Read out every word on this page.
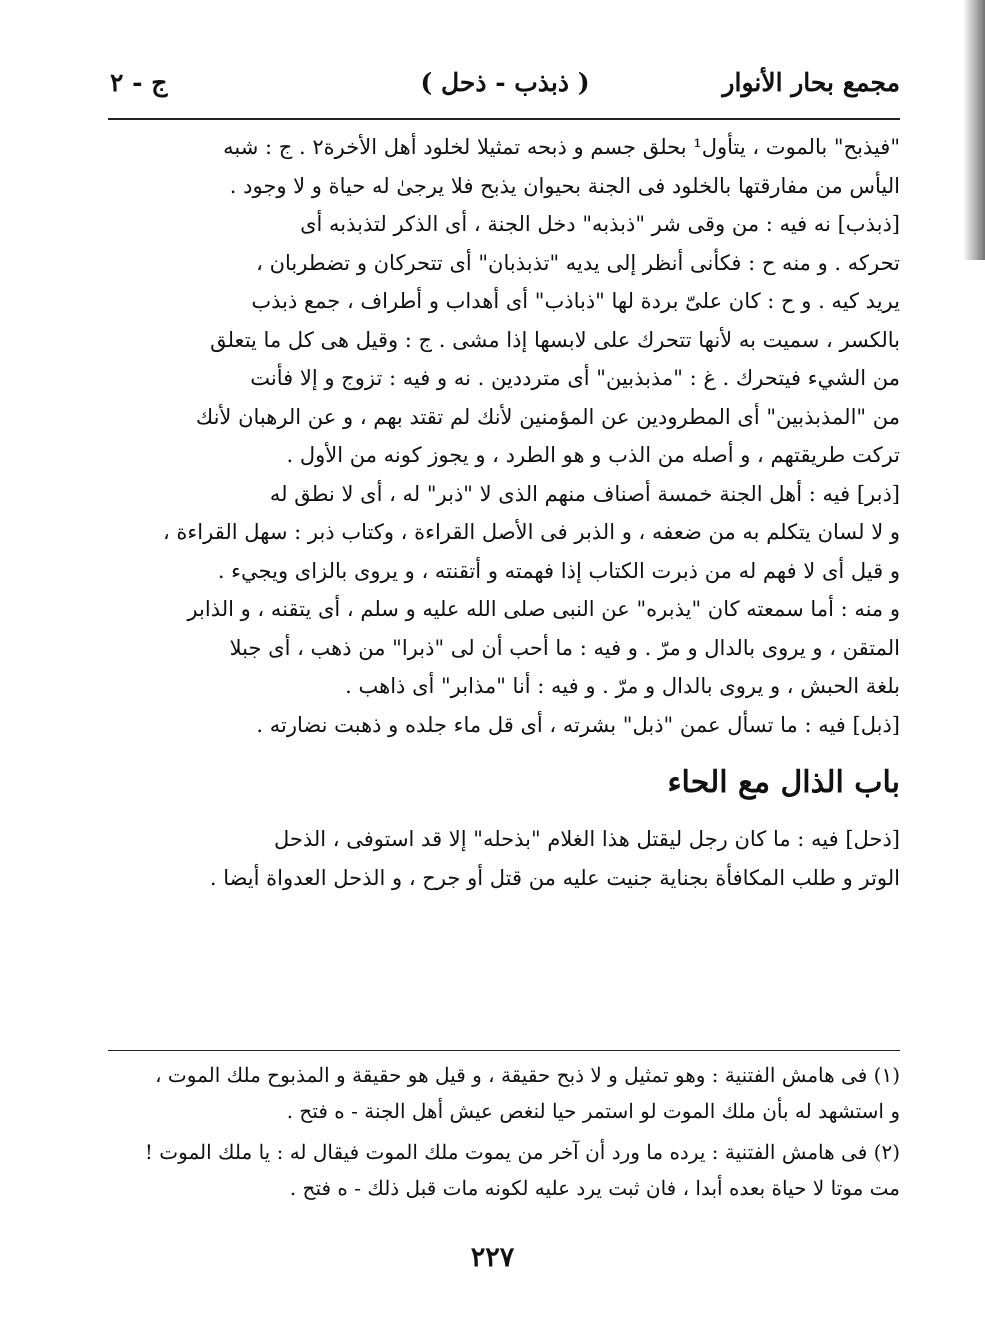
مجمع بحار الأنوار
( ذبذب - ذحل )
ج - ٢
"فيذبح" بالموت ، يتأول¹ بحلق جسم و ذبحه تمثيلا لخلود أهل الأخرة٢ . ج : شبه
اليأس من مفارقتها بالخلود فى الجنة بحيوان يذبح فلا يرجىٰ له حياة و لا وجود .
[ذبذب] نه فيه : من وقى شر "ذبذبه" دخل الجنة ، أى الذكر لتذبذبه أى
تحركه . و منه ح : فكأنى أنظر إلى يديه "تذبذبان" أى تتحركان و تضطربان ،
يريد كيه . و ح : كان علىّ بردة لها "ذباذب" أى أهداب و أطراف ، جمع ذبذب
بالكسر ، سميت به لأنها تتحرك على لابسها إذا مشى . ج : وقيل هى كل ما يتعلق
من الشيء فيتحرك . غ : "مذبذبين" أى مترددين . نه و فيه : تزوج و إلا فأنت
من "المذبذبين" أى المطرودين عن المؤمنين لأنك لم تقتد بهم ، و عن الرهبان لأنك
تركت طريقتهم ، و أصله من الذب و هو الطرد ، و يجوز كونه من الأول .
[ذبر] فيه : أهل الجنة خمسة أصناف منهم الذى لا "ذبر" له ، أى لا نطق له
و لا لسان يتكلم به من ضعفه ، و الذبر فى الأصل القراءة ، وكتاب ذبر : سهل القراءة ،
و قيل أى لا فهم له من ذبرت الكتاب إذا فهمته و أتقنته ، و يروى بالزاى ويجيء .
و منه : أما سمعته كان "يذبره" عن النبى صلى الله عليه و سلم ، أى يتقنه ، و الذابر
المتقن ، و يروى بالدال و مرّ . و فيه : ما أحب أن لى "ذبرا" من ذهب ، أى جبلا
بلغة الحبش ، و يروى بالدال و مرّ . و فيه : أنا "مذابر" أى ذاهب .
[ذبل] فيه : ما تسأل عمن "ذبل" بشرته ، أى قل ماء جلده و ذهبت نضارته .
باب الذال مع الحاء
[ذحل] فيه : ما كان رجل ليقتل هذا الغلام "بذحله" إلا قد استوفى ، الذحل
الوتر و طلب المكافأة بجناية جنيت عليه من قتل أو جرح ، و الذحل العدواة أيضا .
(١) فى هامش الفتنية : وهو تمثيل و لا ذبح حقيقة ، و قيل هو حقيقة و المذبوح ملك الموت ،
و استشهد له بأن ملك الموت لو استمر حيا لنغص عيش أهل الجنة - ه فتح .
(٢) فى هامش الفتنية : يرده ما ورد أن آخر من يموت ملك الموت فيقال له : يا ملك الموت !
مت موتا لا حياة بعده أبدا ، فان ثبت يرد عليه لكونه مات قبل ذلك - ه فتح .
٢٢٧
